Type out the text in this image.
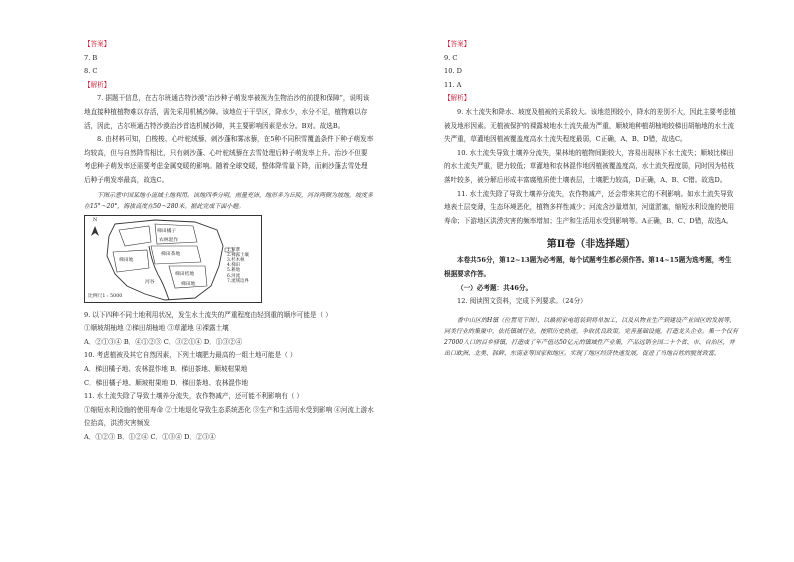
【答案】

7. B

8. C

【解析】

7. 据题干信息，在古尔班通古特沙漠“治沙种子萌发率被视为生物治沙的前提和保障”，说明该地直接种植植物难以存活，需先采用机械沙障。该地位于干旱区，降水少，水分不足，植物难以存活，因此，古尔班通古特沙漠治沙首选机械沙障，其主要影响因素是水分。B对。故选B。

8. 由材料可知，白梭梭、心叶驼绒藜、刺沙蓬和雾冰藜，在5种不同积雪覆盖条件下种子萌发率均较高，但与自然降雪相比，只有刺沙蓬、心叶驼绒藜在去雪处理后种子萌发率上升。治沙不但要考虑种子萌发率还需要考虑金属变暖的影响。随着全球变暖，整体降雪量下降，而刺沙蓬去雪处理后种子萌发率最高，故选C。

下图示意中国某地小流域土地利用。该地四季分明，雨量充沛，地形多为丘陵，河谷两侧为坡地，坡度多在15°～20°，海拔高度在50～280米。据此完成下面小题。

N
梯田橘子
农林混作
梯田茶地
梯田地
梯田桔地
河谷	梯田地
1.草蕈
2.裸露土壤
3.杉木林
4.梯田
5.耕地
6.河流
7.流域边界
比例尺1 : 5000

9. 以下四种不同土地利用状况，发生水土流失的严重程度由轻到重的顺序可能是（ ）

①顺坡胡柚地 ②梯田胡柚地 ③草灌地 ④裸露土壤

A．②①③④ B．④①②③ C．③②①④ D．①③②④

10. 考虑植被及其它自然因素，下列土壤肥力最高的一组土地可能是（ ）

A．梯田橘子地、农林混作地 B．梯田茶地、顺坡柑果地

C．梯田橘子地、顺坡柑果地 D．梯田茶地、农林混作地

11. 水土流失除了导致土壤养分流失，农作物减产，还可能不利影响有（ ）

①缩短水利设施的使用寿命 ②土地退化导致生态系统恶化 ③生产和生活用水受到影响 ④河流上游水位抬高，洪涝灾害频发

A．①②③ B．①②④ C．①③④ D．②③④

【答案】

9. C

10. D

11. A

【解析】

9. 水土流失和降水、坡度及植被的关系较大。该地范围较小，降水的差别不大，因此主要考虑植被及地形因素。无植被保护的裸露坡地水土流失最为严重，顺坡地种植胡柚地较梯田胡柚地的水土流失严重，草灌地因植被覆盖度高水土流失程度最弱，C正确，A、B、D错，故选C。

10. 水土流失导致土壤养分流失，果林地的植物间距较大，容易出现林下水土流失；顺坡比梯田的水土流失严重，肥力较低；草灌地和农林混作地因植被覆盖度高，水土流失程度弱，同时因为枯枝落叶较多，被分解后形成丰富腐殖质使土壤表层，土壤肥力较高，D正确，A、B、C错。故选D。

11. 水土流失除了导致土壤养分流失，农作物减产，还会带来其它的不利影响。如水土流失导致地表土层变薄，生态环境恶化，植物多样性减少；河流含沙量增加，河道淤塞，缩短水利设施的使用寿命；下游地区洪涝灾害的频率增加；生产和生活用水受到影响等。A正确，B、C、D错，故选A。

第Ⅱ卷（非选择题）

本卷共56分，第12~13题为必考题，每个试题考生都必须作答。第14~15题为选考题，考生根据要求作答。

（一）必考题：共46分。

12. 阅读图文资料，完成下列要求。（24分）

香中山区的H镇（位置见下图），以最初家电组装到将单加工，以及从物业生产到建设产业园区的发展等，同类行业的集聚中，依托镇域行业，按照历史轨迹，争取优良政策，完善基础设施，打造龙头企业。集一个仅有27000人口的百乡驿镇，打造成了年产值达50亿元的镇域性产业集，产品远销全国二十个省、市、自治区，并出口欧洲、北美、韩鲜、东南亚等国家和地区。实现了地区经济快速发展，促进了当地百姓的脱贫致富。
